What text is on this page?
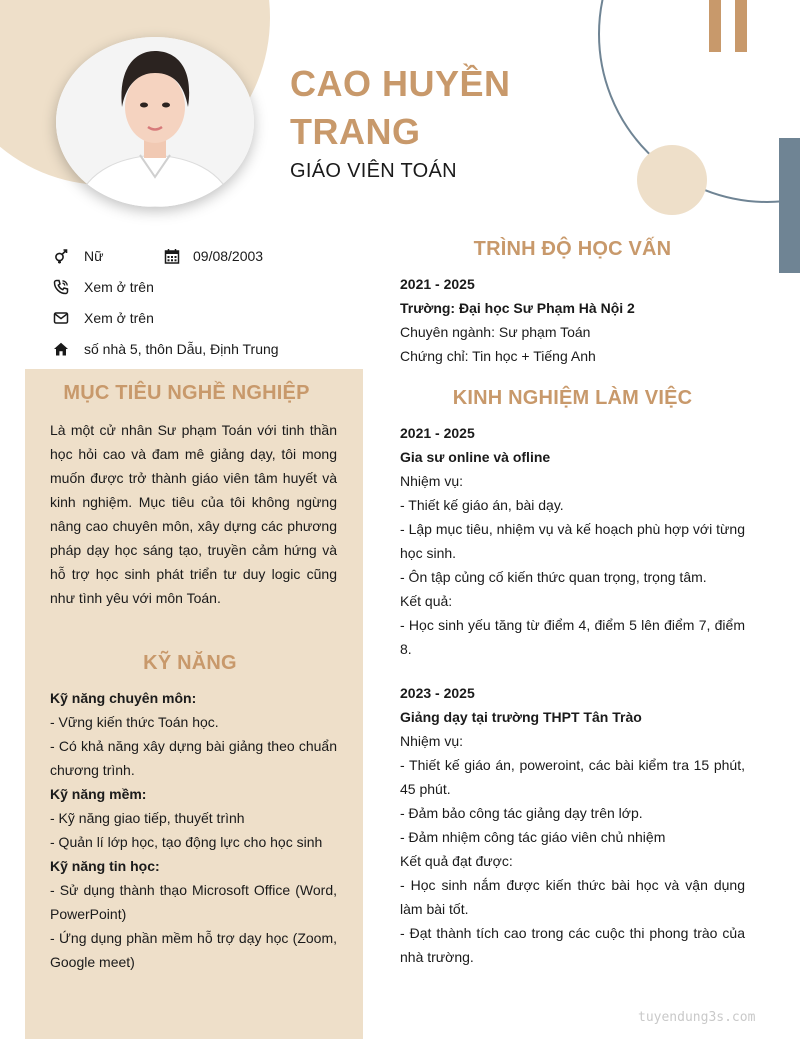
CAO HUYỀN
TRANG
GIÁO VIÊN TOÁN
Nữ	09/08/2003
Xem ở trên
Xem ở trên
số nhà 5, thôn Dẫu, Định Trung
MỤC TIÊU NGHỀ NGHIỆP
Là một cử nhân Sư phạm Toán với tinh thần học hỏi cao và đam mê giảng dạy, tôi mong muốn được trở thành giáo viên tâm huyết và kinh nghiệm. Mục tiêu của tôi không ngừng nâng cao chuyên môn, xây dựng các phương pháp dạy học sáng tạo, truyền cảm hứng và hỗ trợ học sinh phát triển tư duy logic cũng như tình yêu với môn Toán.
KỸ NĂNG
Kỹ năng chuyên môn:
- Vững kiến thức Toán học.
- Có khả năng xây dựng bài giảng theo chuẩn chương trình.
Kỹ năng mềm:
- Kỹ năng giao tiếp, thuyết trình
- Quản lí lớp học, tạo động lực cho học sinh
Kỹ năng tin học:
- Sử dụng thành thạo Microsoft Office (Word, PowerPoint)
- Ứng dụng phần mềm hỗ trợ dạy học (Zoom, Google meet)
TRÌNH ĐỘ HỌC VẤN
2021 - 2025
Trường: Đại học Sư Phạm Hà Nội 2
Chuyên ngành: Sư phạm Toán
Chứng chỉ: Tin học + Tiếng Anh
KINH NGHIỆM LÀM VIỆC
2021 - 2025
Gia sư online và ofline
Nhiệm vụ:
- Thiết kế giáo án, bài dạy.
- Lập mục tiêu, nhiệm vụ và kế hoạch phù hợp với từng học sinh.
- Ôn tập củng cố kiến thức quan trọng, trọng tâm.
Kết quả:
- Học sinh yếu tăng từ điểm 4, điểm 5 lên điểm 7, điểm 8.
2023 - 2025
Giảng dạy tại trường THPT Tân Trào
Nhiệm vụ:
- Thiết kế giáo án, poweroint, các bài kiểm tra 15 phút, 45 phút.
- Đảm bảo công tác giảng dạy trên lớp.
- Đảm nhiệm công tác giáo viên chủ nhiệm
Kết quả đạt được:
- Học sinh nắm được kiến thức bài học và vận dụng làm bài tốt.
- Đạt thành tích cao trong các cuộc thi phong trào của nhà trường.
tuyendung3s.com
